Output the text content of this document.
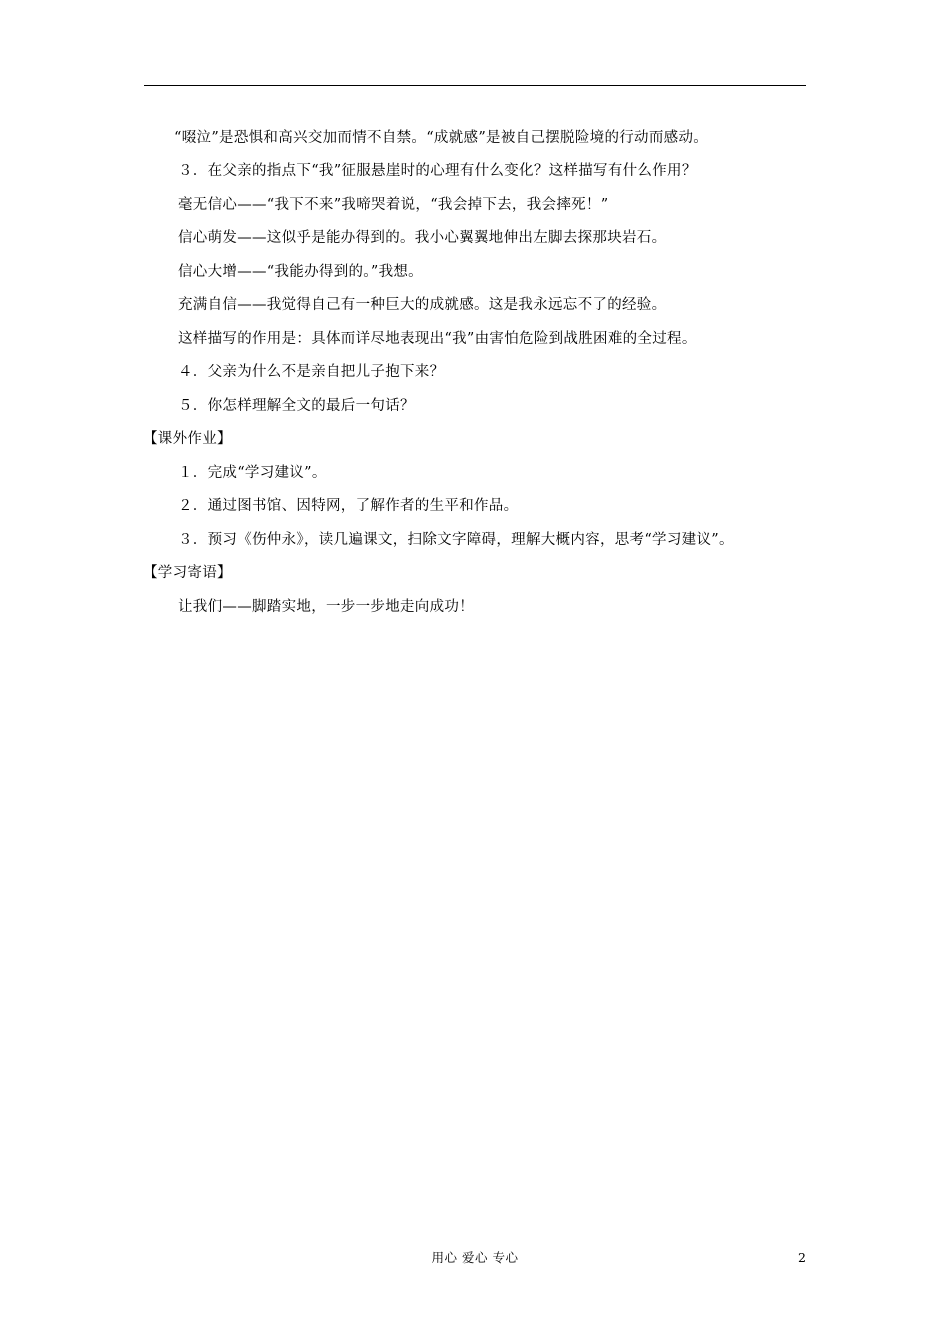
“啜泣”是恐惧和高兴交加而情不自禁。“成就感”是被自己摆脱险境的行动而感动。
３．在父亲的指点下“我”征服悬崖时的心理有什么变化？这样描写有什么作用？
毫无信心——“我下不来”我啼哭着说，“我会掉下去，我会摔死！”
信心萌发——这似乎是能办得到的。我小心翼翼地伸出左脚去探那块岩石。
信心大增——“我能办得到的。”我想。
充满自信——我觉得自己有一种巨大的成就感。这是我永远忘不了的经验。
这样描写的作用是：具体而详尽地表现出“我”由害怕危险到战胜困难的全过程。
４．父亲为什么不是亲自把儿子抱下来？
５．你怎样理解全文的最后一句话？
【课外作业】
１．完成“学习建议”。
２．通过图书馆、因特网，了解作者的生平和作品。
３．预习《伤仲永》，读几遍课文，扫除文字障碍，理解大概内容，思考“学习建议”。
【学习寄语】
让我们——脚踏实地，一步一步地走向成功！
用心 爱心 专心	2
